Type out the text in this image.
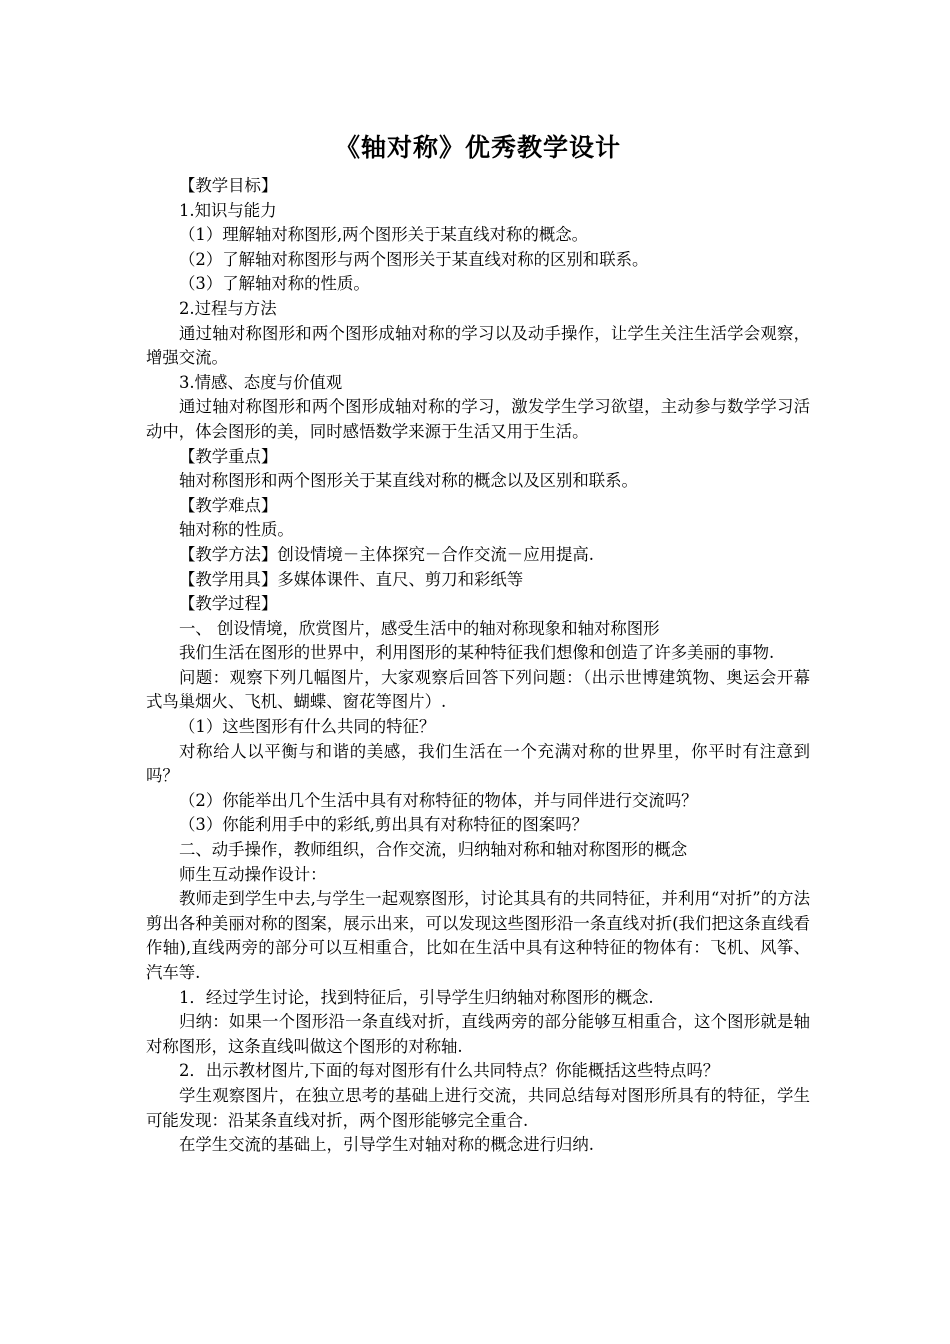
《轴对称》优秀教学设计

【教学目标】

1.知识与能力

（1）理解轴对称图形,两个图形关于某直线对称的概念。

（2）了解轴对称图形与两个图形关于某直线对称的区别和联系。

（3）了解轴对称的性质。

2.过程与方法

通过轴对称图形和两个图形成轴对称的学习以及动手操作，让学生关注生活学会观察，增强交流。

3.情感、态度与价值观

通过轴对称图形和两个图形成轴对称的学习，激发学生学习欲望，主动参与数学学习活动中，体会图形的美，同时感悟数学来源于生活又用于生活。

【教学重点】

轴对称图形和两个图形关于某直线对称的概念以及区别和联系。

【教学难点】

轴对称的性质。

【教学方法】创设情境－主体探究－合作交流－应用提高.

【教学用具】多媒体课件、直尺、剪刀和彩纸等

【教学过程】

一、 创设情境，欣赏图片，感受生活中的轴对称现象和轴对称图形

我们生活在图形的世界中，利用图形的某种特征我们想像和创造了许多美丽的事物.

问题：观察下列几幅图片，大家观察后回答下列问题：（出示世博建筑物、奥运会开幕式鸟巢烟火、飞机、蝴蝶、窗花等图片）.

（1）这些图形有什么共同的特征？

对称给人以平衡与和谐的美感，我们生活在一个充满对称的世界里，你平时有注意到吗？

（2）你能举出几个生活中具有对称特征的物体，并与同伴进行交流吗？

（3）你能利用手中的彩纸,剪出具有对称特征的图案吗？

二、动手操作，教师组织，合作交流，归纳轴对称和轴对称图形的概念

师生互动操作设计：

教师走到学生中去,与学生一起观察图形，讨论其具有的共同特征，并利用“对折”的方法剪出各种美丽对称的图案，展示出来，可以发现这些图形沿一条直线对折(我们把这条直线看作轴),直线两旁的部分可以互相重合，比如在生活中具有这种特征的物体有：飞机、风筝、汽车等.

1．经过学生讨论，找到特征后，引导学生归纳轴对称图形的概念.

归纳：如果一个图形沿一条直线对折，直线两旁的部分能够互相重合，这个图形就是轴对称图形，这条直线叫做这个图形的对称轴.

2．出示教材图片,下面的每对图形有什么共同特点？你能概括这些特点吗？

学生观察图片，在独立思考的基础上进行交流，共同总结每对图形所具有的特征，学生可能发现：沿某条直线对折，两个图形能够完全重合.

在学生交流的基础上，引导学生对轴对称的概念进行归纳.
